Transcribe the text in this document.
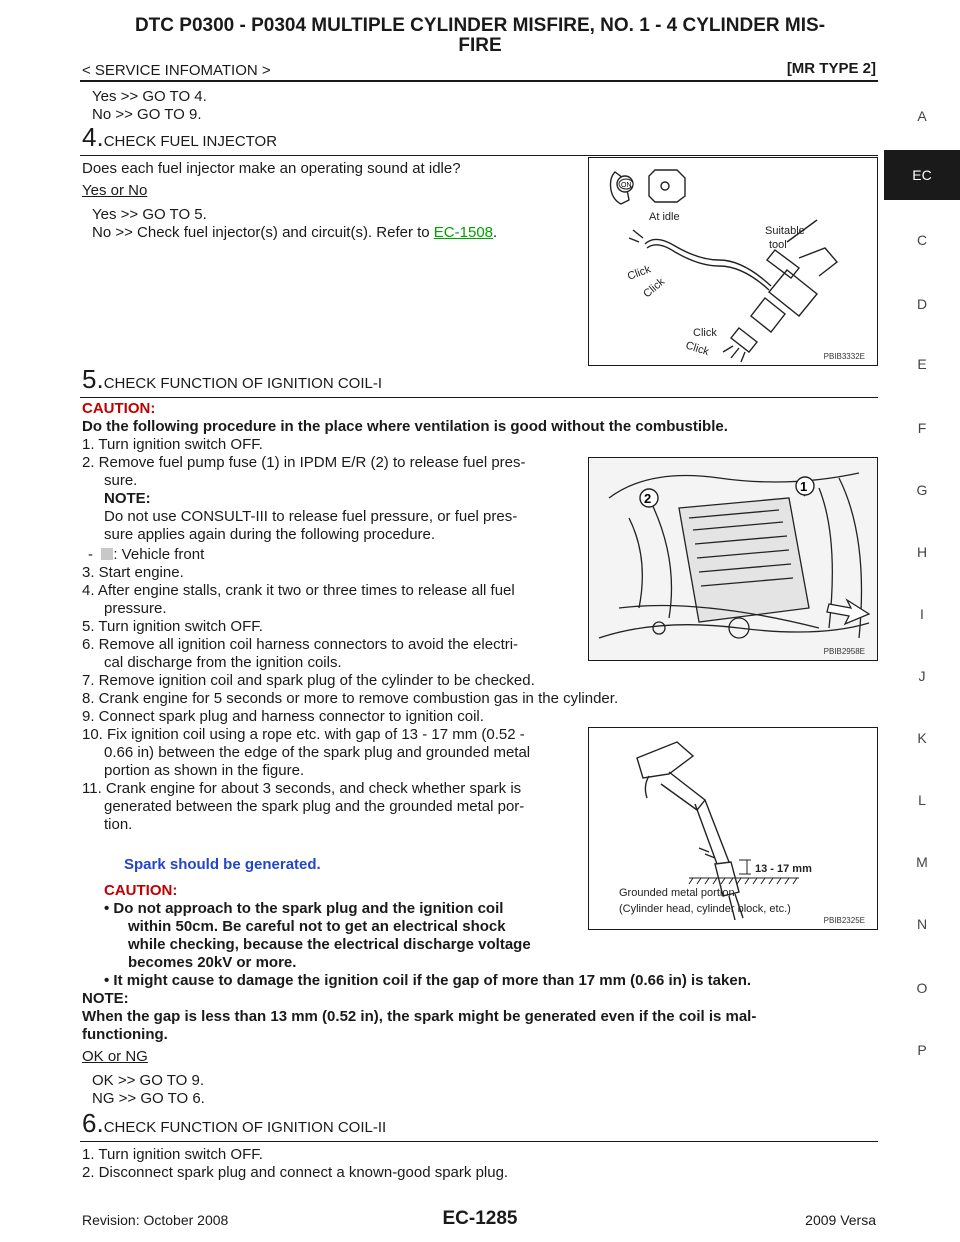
DTC P0300 - P0304 MULTIPLE CYLINDER MISFIRE, NO. 1 - 4 CYLINDER MIS-
FIRE
< SERVICE INFOMATION >	[MR TYPE 2]
A
EC
C
D
E
F
G
H
I
J
K
L
M
N
O
P
Yes >> GO TO 4.
No >> GO TO 9.
4.CHECK FUEL INJECTOR
Does each fuel injector make an operating sound at idle?
Yes or No
Yes >> GO TO 5.
No >> Check fuel injector(s) and circuit(s). Refer to EC-1508.
ON
At idle
Suitable
tool
Click
Click
Click
Click	PBIB3332E
5.CHECK FUNCTION OF IGNITION COIL-I
CAUTION:
Do the following procedure in the place where ventilation is good without the combustible.
1. Turn ignition switch OFF.
2. Remove fuel pump fuse (1) in IPDM E/R (2) to release fuel pres-
sure.
NOTE:
Do not use CONSULT-III to release fuel pressure, or fuel pres-
sure applies again during the following procedure.
- : Vehicle front
3. Start engine.
4. After engine stalls, crank it two or three times to release all fuel
pressure.
5. Turn ignition switch OFF.
6. Remove all ignition coil harness connectors to avoid the electri-
cal discharge from the ignition coils.
7. Remove ignition coil and spark plug of the cylinder to be checked.
8. Crank engine for 5 seconds or more to remove combustion gas in the cylinder.
9. Connect spark plug and harness connector to ignition coil.
10. Fix ignition coil using a rope etc. with gap of 13 - 17 mm (0.52 -
0.66 in) between the edge of the spark plug and grounded metal
portion as shown in the figure.
11. Crank engine for about 3 seconds, and check whether spark is
generated between the spark plug and the grounded metal por-
tion.
Spark should be generated.
CAUTION:
• Do not approach to the spark plug and the ignition coil
within 50cm. Be careful not to get an electrical shock
while checking, because the electrical discharge voltage
becomes 20kV or more.
• It might cause to damage the ignition coil if the gap of more than 17 mm (0.66 in) is taken.
NOTE:
When the gap is less than 13 mm (0.52 in), the spark might be generated even if the coil is mal-
functioning.
OK or NG
OK >> GO TO 9.
NG >> GO TO 6.
1
2
PBIB2958E
13 - 17 mm
Grounded metal portion
(Cylinder head, cylinder block, etc.)
PBIB2325E
6.CHECK FUNCTION OF IGNITION COIL-II
1. Turn ignition switch OFF.
2. Disconnect spark plug and connect a known-good spark plug.
Revision: October 2008	EC-1285	2009 Versa
